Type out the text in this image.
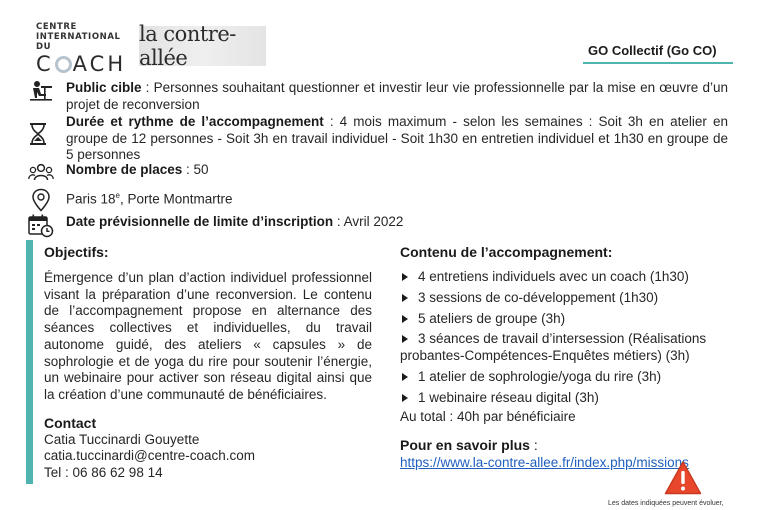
CENTRE
INTERNATIONAL DU
C ACH
la contre-allée	GO Collectif (Go CO)
Public cible : Personnes souhaitant questionner et investir leur vie professionnelle par la mise en œuvre d’un projet de reconversion
Durée et rythme de l’accompagnement : 4 mois maximum - selon les semaines : Soit 3h en atelier en groupe de 12 personnes - Soit 3h en travail individuel - Soit 1h30 en entretien individuel et 1h30 en groupe de 5 personnes
Nombre de places : 50
Paris 18e, Porte Montmartre
Date prévisionnelle de limite d’inscription : Avril 2022
Objectifs:
Émergence d’un plan d’action individuel professionnel visant la préparation d’une reconversion. Le contenu de l’accompagnement propose en alternance des séances collectives et individuelles, du travail autonome guidé, des ateliers « capsules » de sophrologie et de yoga du rire pour soutenir l’énergie, un webinaire pour activer son réseau digital ainsi que la création d’une communauté de bénéficiaires.
Contact
Catia Tuccinardi Gouyette
catia.tuccinardi@centre-coach.com
Tel : 06 86 62 98 14
Contenu de l’accompagnement:
4 entretiens individuels avec un coach (1h30)
3 sessions de co-développement (1h30)
5 ateliers de groupe (3h)
3 séances de travail d’intersession (Réalisations probantes-Compétences-Enquêtes métiers) (3h)
1 atelier de sophrologie/yoga du rire (3h)
1 webinaire réseau digital (3h)
Au total : 40h par bénéficiaire
Pour en savoir plus :
https://www.la-contre-allee.fr/index.php/missions
Les dates indiquées peuvent évoluer,
